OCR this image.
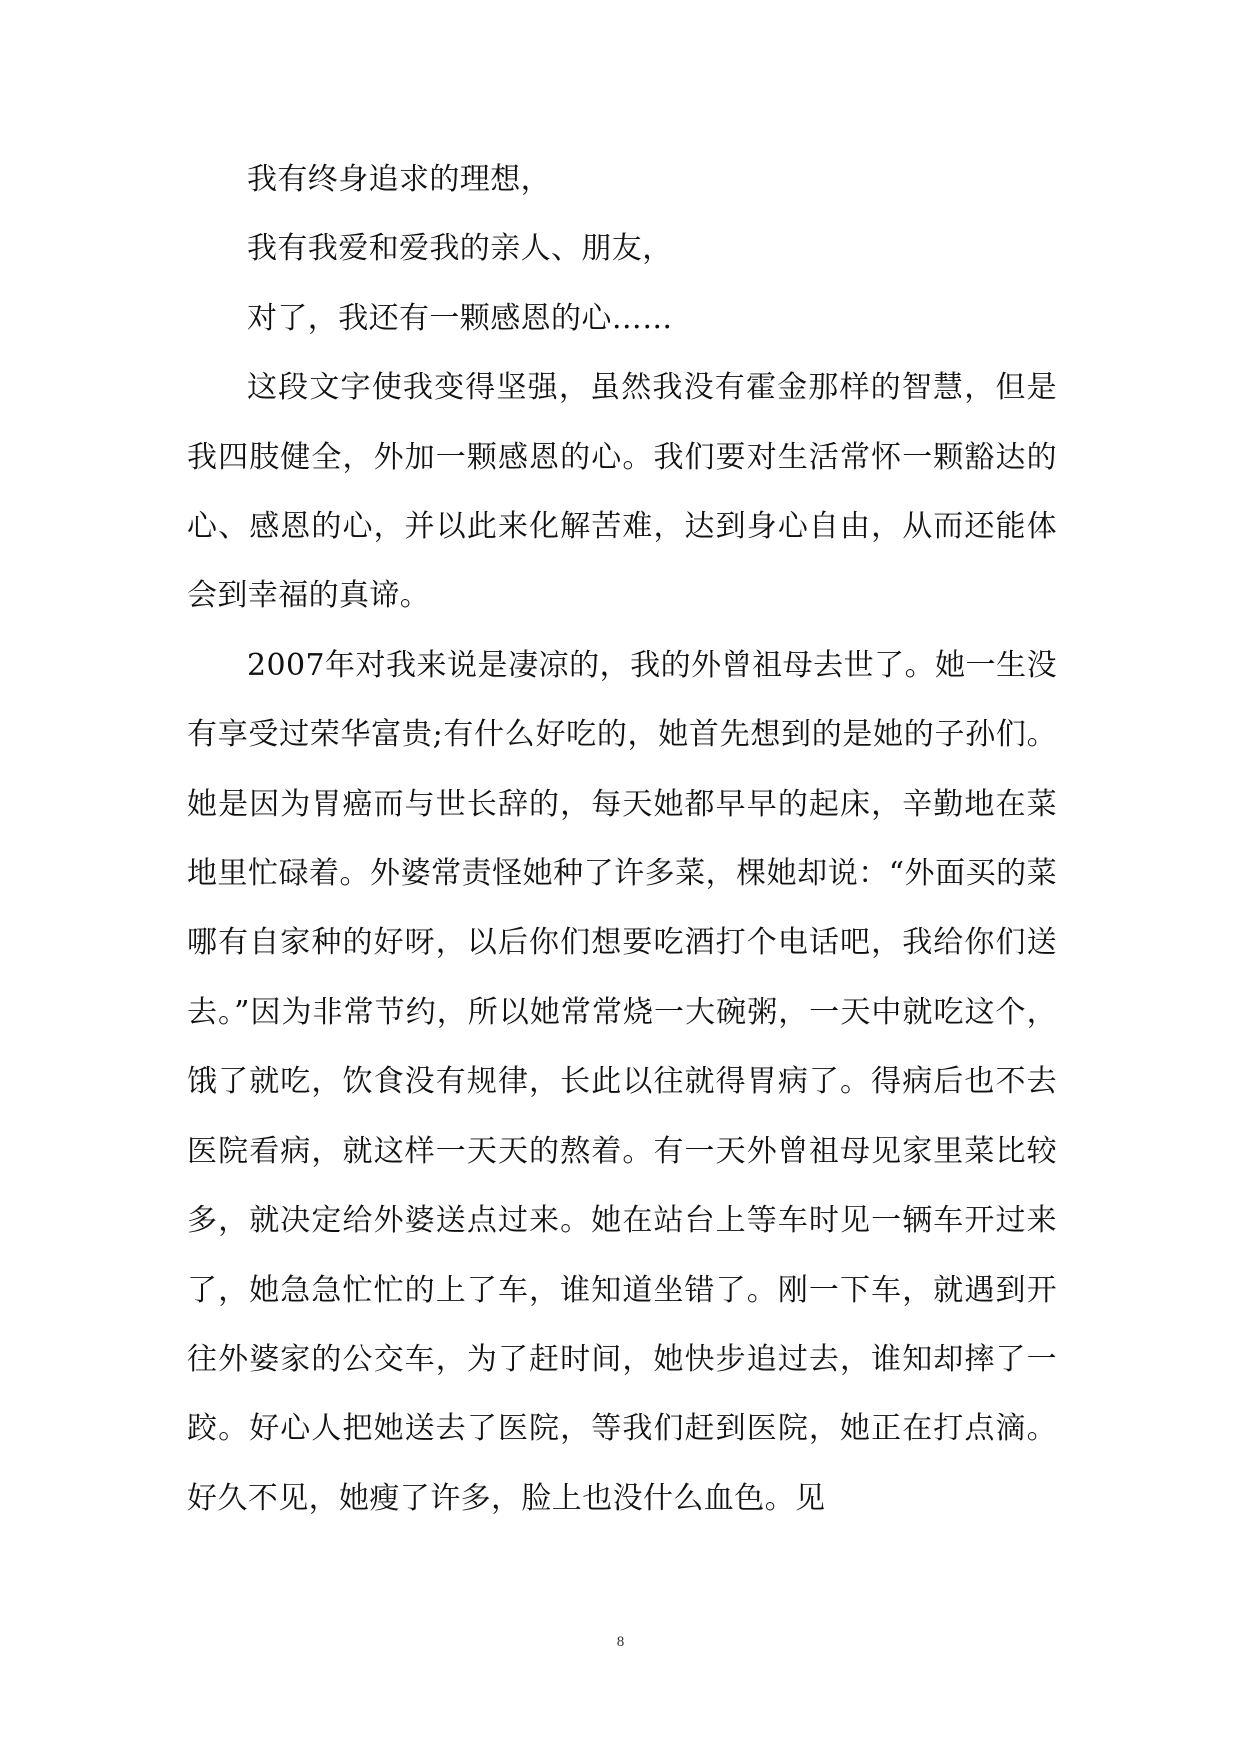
我有终身追求的理想，

我有我爱和爱我的亲人、朋友，

对了，我还有一颗感恩的心……

这段文字使我变得坚强，虽然我没有霍金那样的智慧，但是我四肢健全，外加一颗感恩的心。我们要对生活常怀一颗豁达的心、感恩的心，并以此来化解苦难，达到身心自由，从而还能体会到幸福的真谛。

2007年对我来说是凄凉的，我的外曾祖母去世了。她一生没有享受过荣华富贵;有什么好吃的，她首先想到的是她的子孙们。她是因为胃癌而与世长辞的，每天她都早早的起床，辛勤地在菜地里忙碌着。外婆常责怪她种了许多菜，棵她却说：“外面买的菜哪有自家种的好呀，以后你们想要吃酒打个电话吧，我给你们送去。”因为非常节约，所以她常常烧一大碗粥，一天中就吃这个，饿了就吃，饮食没有规律，长此以往就得胃病了。得病后也不去医院看病，就这样一天天的熬着。有一天外曾祖母见家里菜比较多，就决定给外婆送点过来。她在站台上等车时见一辆车开过来了，她急急忙忙的上了车，谁知道坐错了。刚一下车，就遇到开往外婆家的公交车，为了赶时间，她快步追过去，谁知却摔了一跤。好心人把她送去了医院，等我们赶到医院，她正在打点滴。好久不见，她瘦了许多，脸上也没什么血色。见

8
